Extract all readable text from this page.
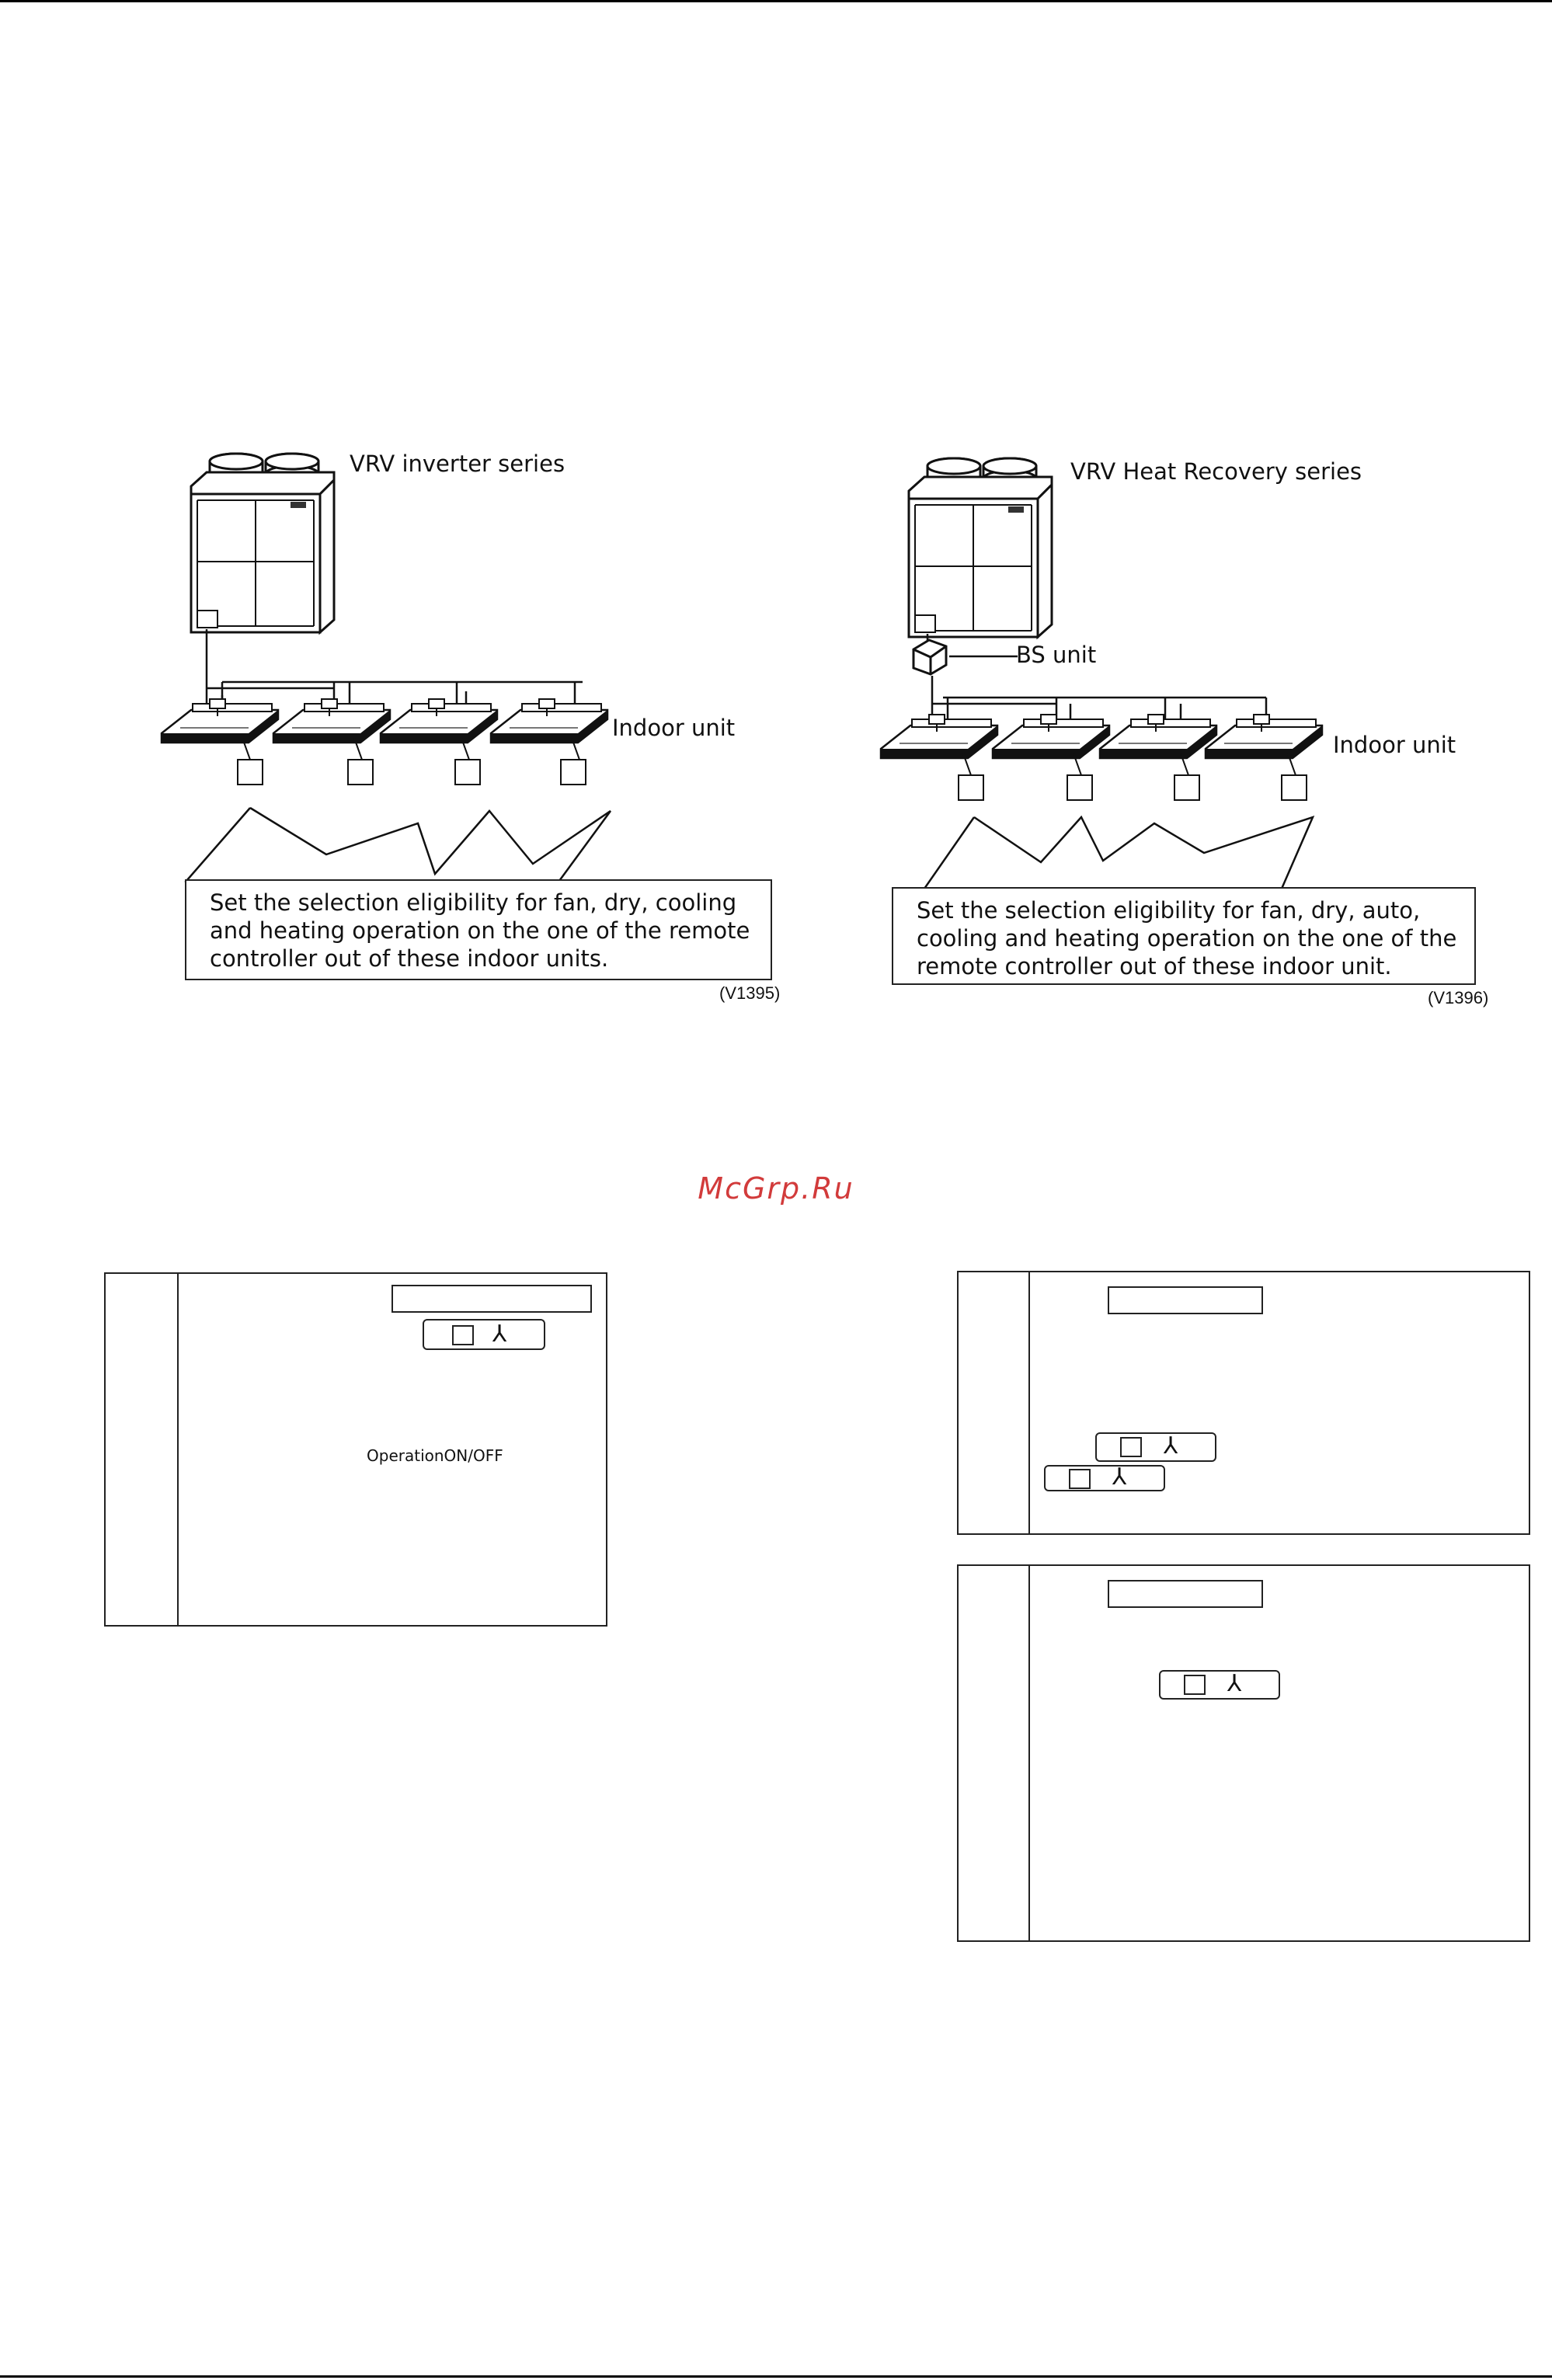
VRV inverter series
Indoor unit
Set the selection eligibility for fan, dry, cooling
and heating operation on the one of the remote
controller out of these indoor units.
(V1395)
VRV Heat Recovery series
BS unit
Indoor unit
Set the selection eligibility for fan, dry, auto,
cooling and heating operation on the one of the
remote controller out of these indoor unit.
(V1396)
McGrp.Ru
⅄
OperationON/OFF	⅄
⅄
⅄
